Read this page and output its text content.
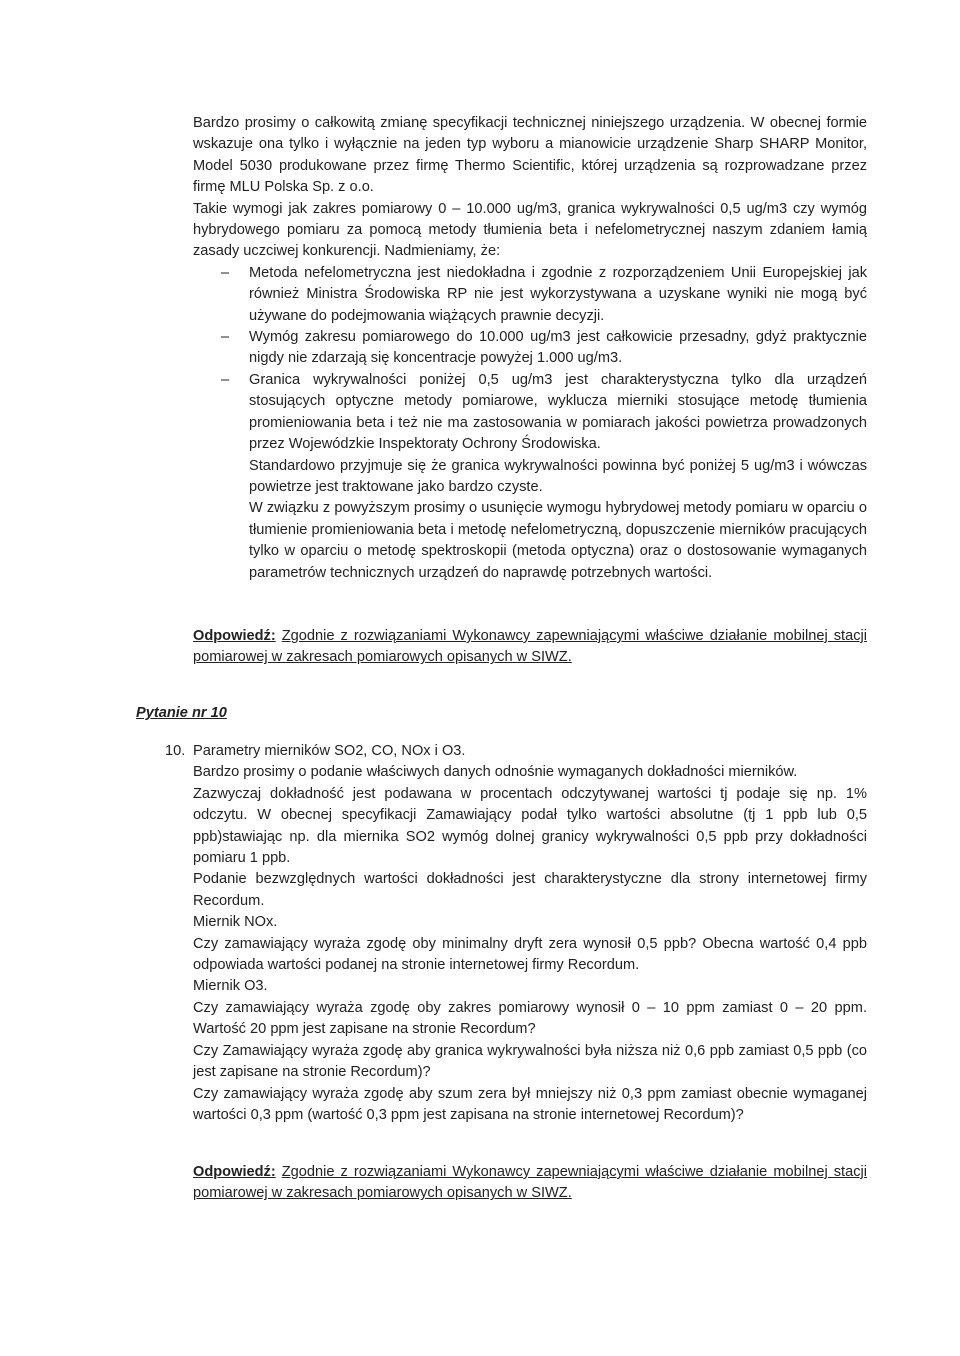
Bardzo prosimy o całkowitą zmianę specyfikacji technicznej niniejszego urządzenia. W obecnej formie wskazuje ona tylko i wyłącznie na jeden typ wyboru a mianowicie urządzenie Sharp SHARP Monitor, Model 5030 produkowane przez firmę Thermo Scientific, której urządzenia są rozprowadzane przez firmę MLU Polska Sp. z o.o.

Takie wymogi jak zakres pomiarowy 0 – 10.000 ug/m3, granica wykrywalności 0,5 ug/m3 czy wymóg hybrydowego pomiaru za pomocą metody tłumienia beta i nefelometrycznej naszym zdaniem łamią zasady uczciwej konkurencji. Nadmieniamy, że:

– Metoda nefelometryczna jest niedokładna i zgodnie z rozporządzeniem Unii Europejskiej jak również Ministra Środowiska RP nie jest wykorzystywana a uzyskane wyniki nie mogą być używane do podejmowania wiążących prawnie decyzji.
– Wymóg zakresu pomiarowego do 10.000 ug/m3 jest całkowicie przesadny, gdyż praktycznie nigdy nie zdarzają się koncentracje powyżej 1.000 ug/m3.
– Granica wykrywalności poniżej 0,5 ug/m3 jest charakterystyczna tylko dla urządzeń stosujących optyczne metody pomiarowe, wyklucza mierniki stosujące metodę tłumienia promieniowania beta i też nie ma zastosowania w pomiarach jakości powietrza prowadzonych przez Wojewódzkie Inspektoraty Ochrony Środowiska.

Standardowo przyjmuje się że granica wykrywalności powinna być poniżej 5 ug/m3 i wówczas powietrze jest traktowane jako bardzo czyste.

W związku z powyższym prosimy o usunięcie wymogu hybrydowej metody pomiaru w oparciu o tłumienie promieniowania beta i metodę nefelometryczną, dopuszczenie mierników pracujących tylko w oparciu o metodę spektroskopii (metoda optyczna) oraz o dostosowanie wymaganych parametrów technicznych urządzeń do naprawdę potrzebnych wartości.

Odpowiedź: Zgodnie z rozwiązaniami Wykonawcy zapewniającymi właściwe działanie mobilnej stacji pomiarowej w zakresach pomiarowych opisanych w SIWZ.

Pytanie nr 10

10. Parametry mierników SO2, CO, NOx i O3.

Bardzo prosimy o podanie właściwych danych odnośnie wymaganych dokładności mierników.

Zazwyczaj dokładność jest podawana w procentach odczytywanej wartości tj podaje się np. 1% odczytu. W obecnej specyfikacji Zamawiający podał tylko wartości absolutne (tj 1 ppb lub 0,5 ppb)stawiając np. dla miernika SO2 wymóg dolnej granicy wykrywalności 0,5 ppb przy dokładności pomiaru 1 ppb.

Podanie bezwzględnych wartości dokładności jest charakterystyczne dla strony internetowej firmy Recordum.

Miernik NOx.

Czy zamawiający wyraża zgodę oby minimalny dryft zera wynosił 0,5 ppb? Obecna wartość 0,4 ppb odpowiada wartości podanej na stronie internetowej firmy Recordum.

Miernik O3.

Czy zamawiający wyraża zgodę oby zakres pomiarowy wynosił 0 – 10 ppm zamiast 0 – 20 ppm. Wartość 20 ppm jest zapisane na stronie Recordum?

Czy Zamawiający wyraża zgodę aby granica wykrywalności była niższa niż 0,6 ppb zamiast 0,5 ppb (co jest zapisane na stronie Recordum)?

Czy zamawiający wyraża zgodę aby szum zera był mniejszy niż 0,3 ppm zamiast obecnie wymaganej wartości 0,3 ppm (wartość 0,3 ppm jest zapisana na stronie internetowej Recordum)?

Odpowiedź: Zgodnie z rozwiązaniami Wykonawcy zapewniającymi właściwe działanie mobilnej stacji pomiarowej w zakresach pomiarowych opisanych w SIWZ.
